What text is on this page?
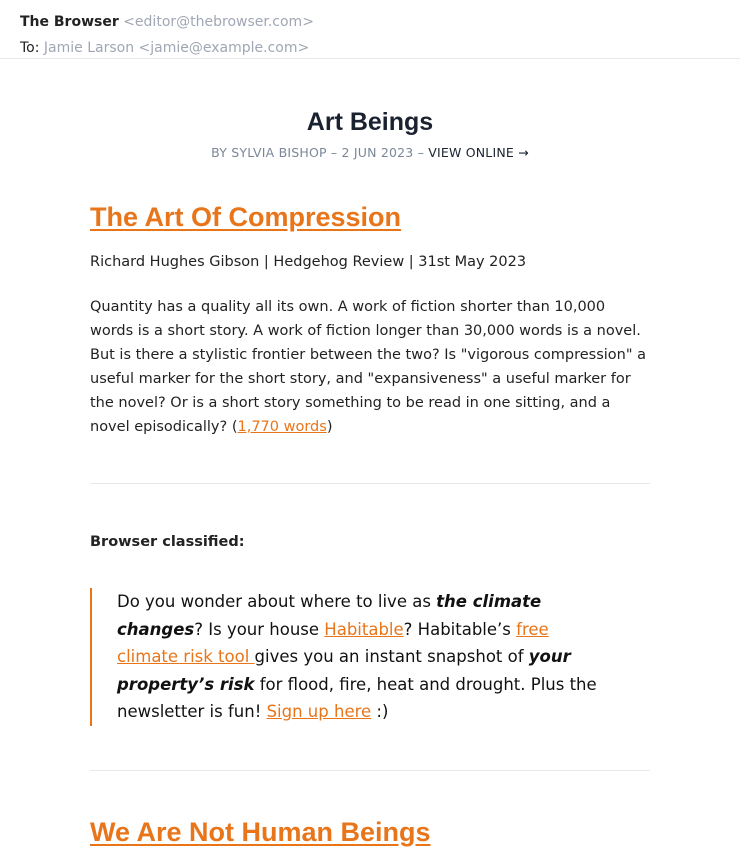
The Browser <editor@thebrowser.com>
To: Jamie Larson <jamie@example.com>
Art Beings
BY SYLVIA BISHOP – 2 JUN 2023 – VIEW ONLINE →
The Art Of Compression
Richard Hughes Gibson | Hedgehog Review | 31st May 2023
Quantity has a quality all its own. A work of fiction shorter than 10,000 words is a short story. A work of fiction longer than 30,000 words is a novel. But is there a stylistic frontier between the two? Is "vigorous compression" a useful marker for the short story, and "expansiveness" a useful marker for the novel? Or is a short story something to be read in one sitting, and a novel episodically? (1,770 words)
Browser classified:
Do you wonder about where to live as the climate changes? Is your house Habitable? Habitable’s free climate risk tool gives you an instant snapshot of your property’s risk for flood, fire, heat and drought. Plus the newsletter is fun! Sign up here :)
We Are Not Human Beings
